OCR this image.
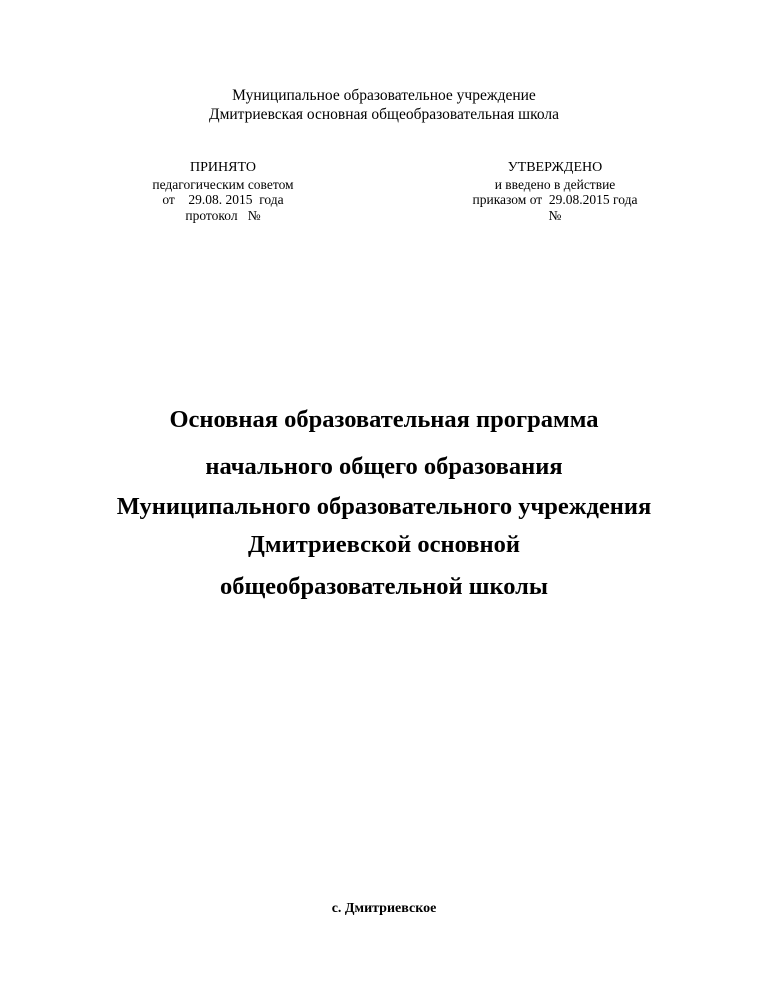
Муниципальное образовательное учреждение
Дмитриевская основная общеобразовательная школа
ПРИНЯТО
педагогическим советом
от    29.08. 2015  года
протокол   №
УТВЕРЖДЕНО
и введено в действие
приказом от  29.08.2015 года
№
Основная образовательная программа
начального общего образования
Муниципального образовательного учреждения
Дмитриевской основной
общеобразовательной школы
с. Дмитриевское
